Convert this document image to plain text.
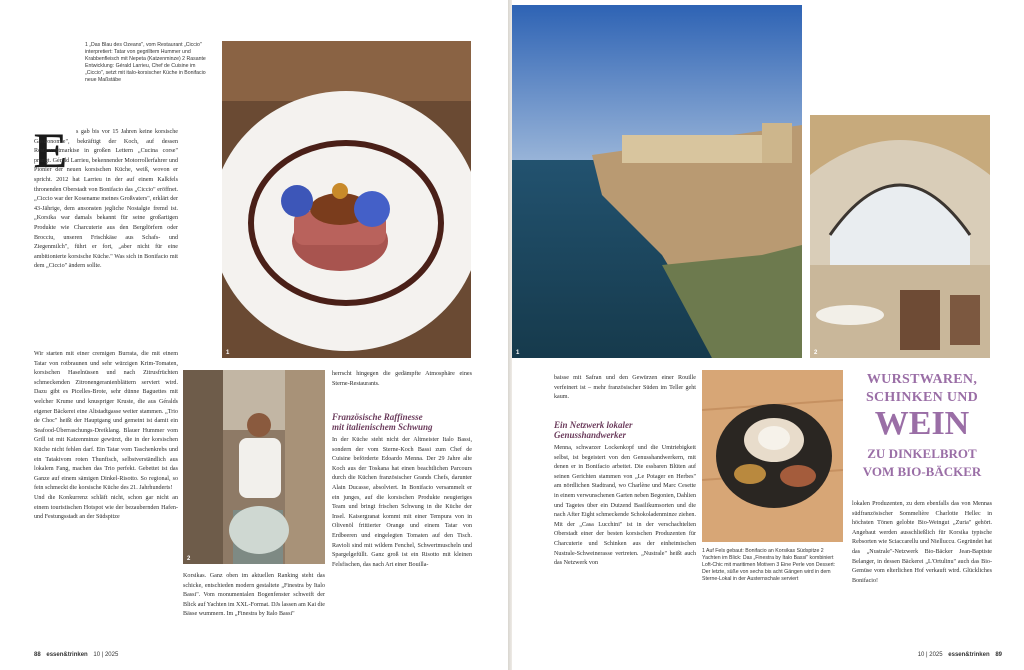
1 „Das Blau des Ozeans", vom Restaurant „Ciccio" interpretiert: Tatar von gegrilltem Hummer und Krabbenfleisch mit Nepeta (Katzenminze) 2 Rasante Entwicklung: Gérald Larrieu, Chef de Cuisine im „Ciccio", setzt mit italo-korsischer Küche in Bonifacio neue Maßstäbe
1
E	s gab bis vor 15 Jahren keine korsische Gastronomie", bekräftigt der Koch, auf dessen Restaurantmarkise in großen Lettern „Cucina corse" prangt. Gérald Larrieu, bekennender Motorrollerfahrer und Pionier der neuen korsischen Küche, weiß, wovon er spricht. 2012 hat Larrieu in der auf einem Kalkfels thronenden Oberstadt von Bonifacio das „Ciccio" eröffnet. „Ciccio war der Kosename meines Großvaters", erklärt der 43-Jährige, dem ansonsten jegliche Nostalgie fremd ist. „Korsika war damals bekannt für seine großartigen Produkte wie Charcuterie aus den Bergdörfern oder Brocciu, unseren Frischkäse aus Schafs- und Ziegenmilch", führt er fort, „aber nicht für eine ambitionierte korsische Küche." Was sich in Bonifacio mit dem „Ciccio" ändern sollte.
Wir starten mit einer cremigen Burrata, die mit einem Tatar von rotbraunen und sehr würzigen Krim-Tomaten, korsischen Haselnüssen und nach Zitrusfrüchten schmeckenden Zitronengeranienblättern serviert wird. Dazu gibt es Picelles-Brote, sehr dünne Baguettes mit welcher Krume und knuspriger Kruste, die aus Géralds eigener Bäckerei eine Altstadtgasse weiter stammen. „Trio de Choc" heißt der Hauptgang und gemeint ist damit ein Seafood-Überraschungs-Dreiklang. Blauer Hummer vom Grill ist mit Katzenminze gewürzt, die in der korsischen Küche nicht fehlen darf. Ein Tatar vom Taschenkrebs und ein Tatakivom roten Thunfisch, selbstverständlich aus lokalem Fang, machen das Trio perfekt. Gebettet ist das Ganze auf einem sämigen Dinkel-Risotto. So regional, so fein schmeckt die korsische Küche des 21. Jahrhunderts!
Und die Konkurrenz schläft nicht, schon gar nicht an einem touristischen Hotspot wie der bezaubernden Hafen- und Festungsstadt an der Südspitze
2
Korsikas. Ganz oben im aktuellen Ranking steht das schicke, entschieden modern gestaltete „Finestra by Italo Bassi". Vom monumentalen Bogenfenster schweift der Blick auf Yachten im XXL-Format. DJs lassen am Kai die Bässe wummern. Im „Finestra by Italo Bassi"
herrscht hingegen die gedämpfte Atmosphäre eines Sterne-Restaurants.
Französische Raffinesse
mit italienischem Schwung
In der Küche steht nicht der Altmeister Italo Bassi, sondern der vom Sterne-Koch Bassi zum Chef de Cuisine beförderte Edoardo Menna. Der 29 Jahre alte Koch aus der Toskana hat einen beachtlichen Parcours durch die Küchen französischer Grands Chefs, darunter Alain Ducasse, absolviert. In Bonifacio versammelt er ein junges, auf die korsischen Produkte neugieriges Team und bringt frischen Schwung in die Küche der Insel. Kaisergranat kommt mit einer Tempura von in Olivenöl frittierter Orange und einem Tatar von Erdbeeren und eingelegten Tomaten auf den Tisch. Ravioli sind mit wildem Fenchel, Schwertmuscheln und Spargelgefüllt. Ganz groß ist ein Risotto mit kleinen Felsfischen, das nach Art einer Bouilla-
88 essen&trinken 10 | 2025
1	2
baisse mit Safran und den Gewürzen einer Rouille verfeinert ist – mehr französischer Süden im Teller geht kaum.
Ein Netzwerk lokaler
Genusshandwerker
Menna, schwarzer Lockenkopf und die Umtriebigkeit selbst, ist begeistert von den Genusshandwerkern, mit denen er in Bonifacio arbeitet. Die essbaren Blüten auf seinen Gerichten stammen von „Le Potager en Herbes" am nördlichen Stadtrand, wo Charlène und Marc Cesette in einem verwunschenen Garten neben Begonien, Dahlien und Tagetes über ein Dutzend Basilikumsorten und die nach After Eight schmeckende Schokoladenminze ziehen. Mit der „Casa Lucchini" ist in der verschachtelten Oberstadt einer der besten korsischen Produzenten für Charcuterie und Schinken aus der einheimischen Nustrale-Schweinerasse vertreten. „Nustrale" heißt auch das Netzwerk von
1 Auf Fels gebaut: Bonifacio an Korsikas Südspitze 2 Yachten im Blick: Das „Finestra by Italo Bassi" kombiniert Loft-Chic mit maritimen Motiven 3 Eine Perle von Dessert: Der letzte, süße von sechs bis acht Gängen wird in dem Sterne-Lokal in der Austernschale serviert
WURSTWAREN,
SCHINKEN UND
WEIN
ZU DINKELBROT
VOM BIO-BÄCKER
lokalen Produzenten, zu dem ebenfalls das von Mennas südfranzösischer Sommelière Charlotte Hellec in höchsten Tönen gelobte Bio-Weingut „Zuria" gehört. Angebaut werden ausschließlich für Korsika typische Rebsorten wie Sciaccarellu und Nielluccu. Gegründet hat das „Nustrale"-Netzwerk Bio-Bäcker Jean-Baptiste Belanger, in dessen Bäckerei „L'Ortulinu" auch das Bio-Gemüse vom elterlichen Hof verkauft wird. Glückliches Bonifacio!
10 | 2025 essen&trinken 89
